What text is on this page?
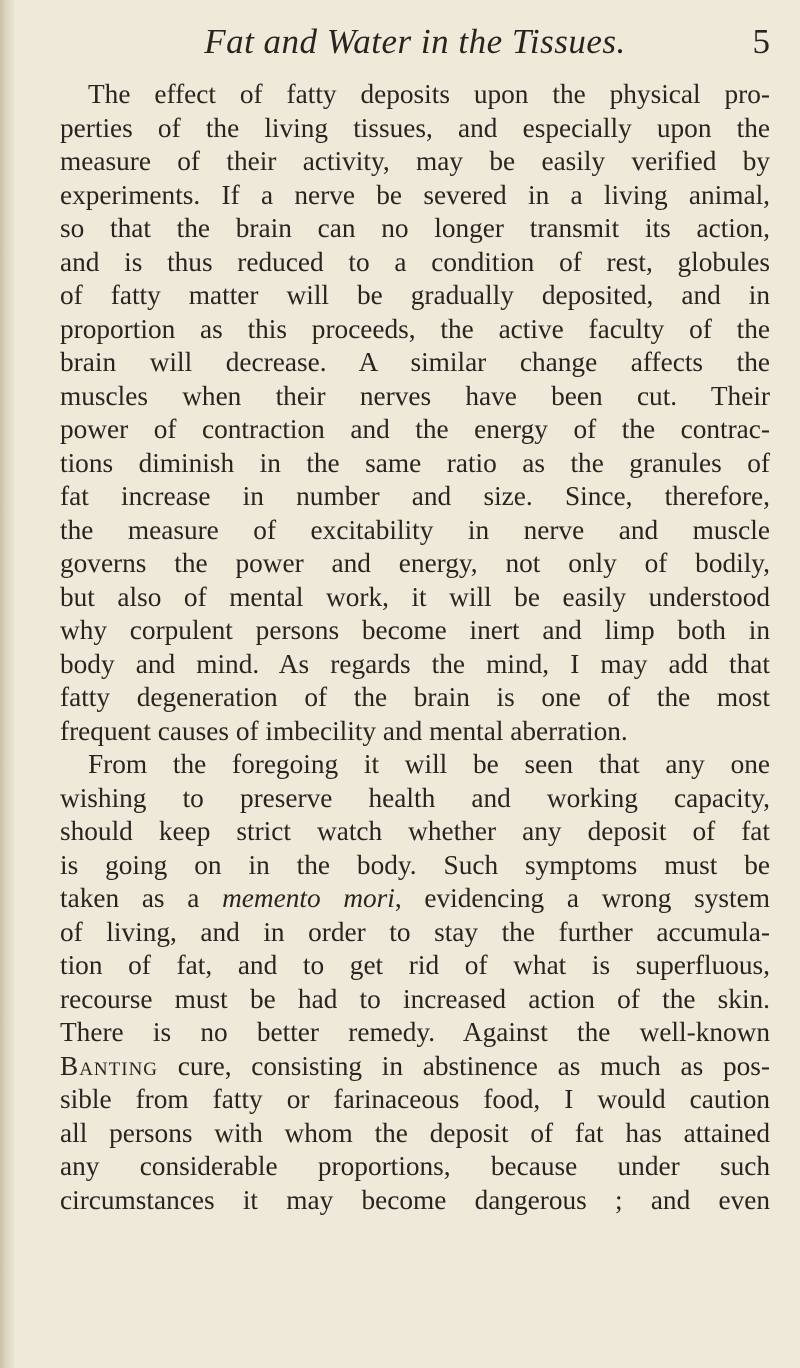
Fat and Water in the Tissues.	5
The effect of fatty deposits upon the physical pro-
perties of the living tissues, and especially upon the
measure of their activity, may be easily verified by
experiments. If a nerve be severed in a living animal,
so that the brain can no longer transmit its action,
and is thus reduced to a condition of rest, globules
of fatty matter will be gradually deposited, and in
proportion as this proceeds, the active faculty of the
brain will decrease. A similar change affects the
muscles when their nerves have been cut. Their
power of contraction and the energy of the contrac-
tions diminish in the same ratio as the granules of
fat increase in number and size. Since, therefore,
the measure of excitability in nerve and muscle
governs the power and energy, not only of bodily,
but also of mental work, it will be easily understood
why corpulent persons become inert and limp both in
body and mind. As regards the mind, I may add that
fatty degeneration of the brain is one of the most
frequent causes of imbecility and mental aberration.
From the foregoing it will be seen that any one
wishing to preserve health and working capacity,
should keep strict watch whether any deposit of fat
is going on in the body. Such symptoms must be
taken as a memento mori, evidencing a wrong system
of living, and in order to stay the further accumula-
tion of fat, and to get rid of what is superfluous,
recourse must be had to increased action of the skin.
There is no better remedy. Against the well-known
Banting cure, consisting in abstinence as much as pos-
sible from fatty or farinaceous food, I would caution
all persons with whom the deposit of fat has attained
any considerable proportions, because under such
circumstances it may become dangerous ; and even
